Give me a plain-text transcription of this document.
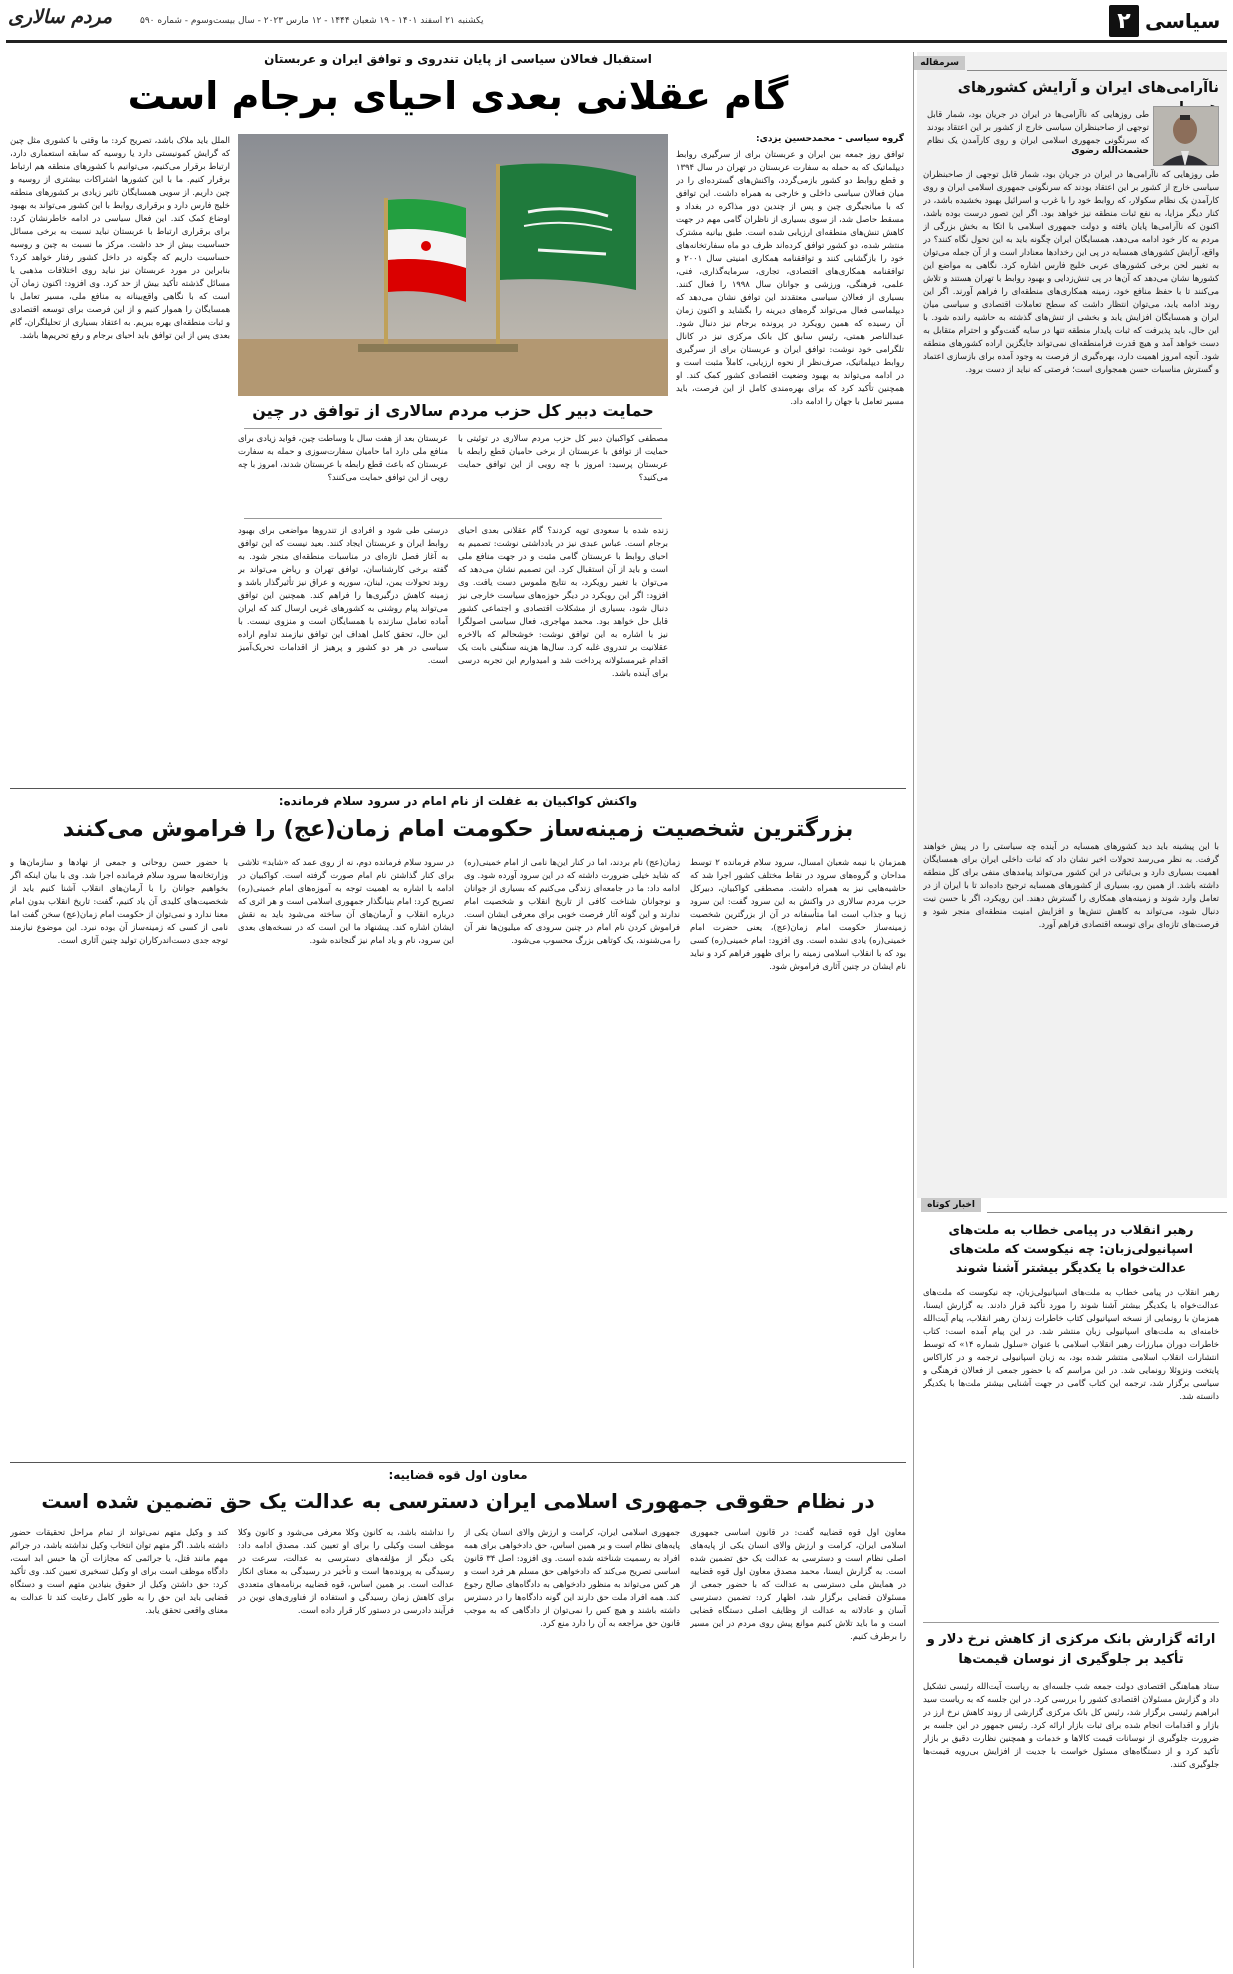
سیاسی
۲
مردم سالاری	یکشنبه ۲۱ اسفند ۱۴۰۱ - ۱۹ شعبان ۱۴۴۴ - ۱۲ مارس ۲۰۲۳ - سال بیست‌وسوم - شماره ۵۹۰
سرمقاله
ناآرامی‌های ایران و آرایش کشورهای
حشمت‌الله رضوی
طی روزهایی که ناآرامی‌ها در ایران در جریان بود، شمار قابل توجهی از صاحبنظران سیاسی خارج از کشور بر این اعتقاد بودند که سرنگونی جمهوری اسلامی ایران و روی کارآمدن یک نظام
طی روزهایی که ناآرامی‌ها در ایران در جریان بود، شمار قابل توجهی از صاحبنظران سیاسی خارج از کشور بر این اعتقاد بودند که سرنگونی جمهوری اسلامی ایران و روی کارآمدن یک نظام سکولار، که روابط خود را با غرب و اسرائیل بهبود بخشیده باشد، در کنار دیگر مزایا، به نفع ثبات منطقه نیز خواهد بود. اگر این تصور درست بوده باشد، اکنون که ناآرامی‌ها پایان یافته و دولت جمهوری اسلامی با اتکا به بخش بزرگی از مردم به کار خود ادامه می‌دهد، همسایگان ایران چگونه باید به این تحول نگاه کنند؟ در واقع، آرایش کشورهای همسایه در پی این رخدادها معنادار است و از آن جمله می‌توان به تغییر لحن برخی کشورهای عربی خلیج فارس اشاره کرد. نگاهی به مواضع این کشورها نشان می‌دهد که آن‌ها در پی تنش‌زدایی و بهبود روابط با تهران هستند و تلاش می‌کنند تا با حفظ منافع خود، زمینه همکاری‌های منطقه‌ای را فراهم آورند. اگر این روند ادامه یابد، می‌توان انتظار داشت که سطح تعاملات اقتصادی و سیاسی میان ایران و همسایگان افزایش یابد و بخشی از تنش‌های گذشته به حاشیه رانده شود. با این حال، باید پذیرفت که ثبات پایدار منطقه تنها در سایه گفت‌وگو و احترام متقابل به دست خواهد آمد و هیچ قدرت فرامنطقه‌ای نمی‌تواند جایگزین اراده کشورهای منطقه شود. آنچه امروز اهمیت دارد، بهره‌گیری از فرصت به وجود آمده برای بازسازی اعتماد و گسترش مناسبات حسن همجواری است؛ فرصتی که نباید از دست برود.
با این پیشینه باید دید کشورهای همسایه در آینده چه سیاستی را در پیش خواهند گرفت. به نظر می‌رسد تحولات اخیر نشان داد که ثبات داخلی ایران برای همسایگان اهمیت بسیاری دارد و بی‌ثباتی در این کشور می‌تواند پیامدهای منفی برای کل منطقه داشته باشد. از همین رو، بسیاری از کشورهای همسایه ترجیح داده‌اند تا با ایران از در تعامل وارد شوند و زمینه‌های همکاری را گسترش دهند. این رویکرد، اگر با حسن نیت دنبال شود، می‌تواند به کاهش تنش‌ها و افزایش امنیت منطقه‌ای منجر شود و فرصت‌های تازه‌ای برای توسعه اقتصادی فراهم آورد.
اخبار کوتاه
رهبر انقلاب در پیامی خطاب به ملت‌های اسپانیولی‌زبان: چه نیکوست که ملت‌های عدالت‌خواه با یکدیگر بیشتر آشنا شوند
رهبر انقلاب در پیامی خطاب به ملت‌های اسپانیولی‌زبان، چه نیکوست که ملت‌های عدالت‌خواه با یکدیگر بیشتر آشنا شوند را مورد تأکید قرار دادند. به گزارش ایسنا، همزمان با رونمایی از نسخه اسپانیولی کتاب خاطرات زندان رهبر انقلاب، پیام آیت‌الله خامنه‌ای به ملت‌های اسپانیولی زبان منتشر شد. در این پیام آمده است: کتاب خاطرات دوران مبارزات رهبر انقلاب اسلامی با عنوان «سلول شماره ۱۴» که توسط انتشارات انقلاب اسلامی منتشر شده بود، به زبان اسپانیولی ترجمه و در کاراکاس پایتخت ونزوئلا رونمایی شد. در این مراسم که با حضور جمعی از فعالان فرهنگی و سیاسی برگزار شد، ترجمه این کتاب گامی در جهت آشنایی بیشتر ملت‌ها با یکدیگر دانسته شد.
ارائه گزارش بانک مرکزی از کاهش نرخ دلار و تأکید بر جلوگیری از نوسان قیمت‌ها
ستاد هماهنگی اقتصادی دولت جمعه شب جلسه‌ای به ریاست آیت‌الله رئیسی تشکیل داد و گزارش مسئولان اقتصادی کشور را بررسی کرد. در این جلسه که به ریاست سید ابراهیم رئیسی برگزار شد، رئیس کل بانک مرکزی گزارشی از روند کاهش نرخ ارز در بازار و اقدامات انجام شده برای ثبات بازار ارائه کرد. رئیس جمهور در این جلسه بر ضرورت جلوگیری از نوسانات قیمت کالاها و خدمات و همچنین نظارت دقیق بر بازار تأکید کرد و از دستگاه‌های مسئول خواست با جدیت از افزایش بی‌رویه قیمت‌ها جلوگیری کنند.
استقبال فعالان سیاسی از پایان تندروی و توافق ایران و عربستان
گام عقلانی بعدی احیای برجام است
گروه سیاسی - محمدحسین یزدی:
توافق روز جمعه بین ایران و عربستان برای از سرگیری روابط دیپلماتیک که به حمله به سفارت عربستان در تهران در سال ۱۳۹۴ و قطع روابط دو کشور بازمی‌گردد، واکنش‌های گسترده‌ای را در میان فعالان سیاسی داخلی و خارجی به همراه داشت. این توافق که با میانجیگری چین و پس از چندین دور مذاکره در بغداد و مسقط حاصل شد، از سوی بسیاری از ناظران گامی مهم در جهت کاهش تنش‌های منطقه‌ای ارزیابی شده است. طبق بیانیه مشترک منتشر شده، دو کشور توافق کرده‌اند ظرف دو ماه سفارتخانه‌های خود را بازگشایی کنند و توافقنامه همکاری امنیتی سال ۲۰۰۱ و توافقنامه همکاری‌های اقتصادی، تجاری، سرمایه‌گذاری، فنی، علمی، فرهنگی، ورزشی و جوانان سال ۱۹۹۸ را فعال کنند. بسیاری از فعالان سیاسی معتقدند این توافق نشان می‌دهد که دیپلماسی فعال می‌تواند گره‌های دیرینه را بگشاید و اکنون زمان آن رسیده که همین رویکرد در پرونده برجام نیز دنبال شود. عبدالناصر همتی، رئیس سابق کل بانک مرکزی نیز در کانال تلگرامی خود نوشت: توافق ایران و عربستان برای از سرگیری روابط دیپلماتیک، صرف‌نظر از نحوه ارزیابی، کاملاً مثبت است و در ادامه می‌تواند به بهبود وضعیت اقتصادی کشور کمک کند. او همچنین تأکید کرد که برای بهره‌مندی کامل از این فرصت، باید مسیر تعامل با جهان را ادامه داد.
حمایت دبیر کل حزب مردم سالاری از توافق در چین
مصطفی کواکبیان دبیر کل حزب مردم سالاری در توئیتی با حمایت از توافق با عربستان از برخی حامیان قطع رابطه با عربستان پرسید: امروز با چه رویی از این توافق حمایت می‌کنید؟
عربستان بعد از هفت سال با وساطت چین، فواید زیادی برای منافع ملی دارد اما حامیان سفارت‌سوزی و حمله به سفارت عربستان که باعث قطع رابطه با عربستان شدند، امروز با چه رویی از این توافق حمایت می‌کنند؟
زنده شده با سعودی توپه کردند؟ گام عقلانی بعدی احیای برجام است. عباس عبدی نیز در یادداشتی نوشت: تصمیم به احیای روابط با عربستان گامی مثبت و در جهت منافع ملی است و باید از آن استقبال کرد. این تصمیم نشان می‌دهد که می‌توان با تغییر رویکرد، به نتایج ملموس دست یافت. وی افزود: اگر این رویکرد در دیگر حوزه‌های سیاست خارجی نیز دنبال شود، بسیاری از مشکلات اقتصادی و اجتماعی کشور قابل حل خواهد بود. محمد مهاجری، فعال سیاسی اصولگرا نیز با اشاره به این توافق نوشت: خوشحالم که بالاخره عقلانیت بر تندروی غلبه کرد. سال‌ها هزینه سنگینی بابت یک اقدام غیرمسئولانه پرداخت شد و امیدوارم این تجربه درسی برای آینده باشد.
درستی طی شود و افرادی از تندروها مواضعی برای بهبود روابط ایران و عربستان ایجاد کنند. بعید نیست که این توافق به آغاز فصل تازه‌ای در مناسبات منطقه‌ای منجر شود. به گفته برخی کارشناسان، توافق تهران و ریاض می‌تواند بر روند تحولات یمن، لبنان، سوریه و عراق نیز تأثیرگذار باشد و زمینه کاهش درگیری‌ها را فراهم کند. همچنین این توافق می‌تواند پیام روشنی به کشورهای غربی ارسال کند که ایران آماده تعامل سازنده با همسایگان است و منزوی نیست. با این حال، تحقق کامل اهداف این توافق نیازمند تداوم اراده سیاسی در هر دو کشور و پرهیز از اقدامات تحریک‌آمیز است.
الملل باید ملاک باشد، تصریح کرد: ما وقتی با کشوری مثل چین که گرایش کمونیستی دارد یا روسیه که سابقه استعماری دارد، ارتباط برقرار می‌کنیم، می‌توانیم با کشورهای منطقه هم ارتباط برقرار کنیم. ما با این کشورها اشتراکات بیشتری از روسیه و چین داریم. از سویی همسایگان تاثیر زیادی بر کشورهای منطقه خلیج فارس دارد و برقراری روابط با این کشور می‌تواند به بهبود اوضاع کمک کند. این فعال سیاسی در ادامه خاطرنشان کرد: برای برقراری ارتباط با عربستان نباید نسبت به برخی مسائل حساسیت بیش از حد داشت. مرکز ما نسبت به چین و روسیه حساسیت داریم که چگونه در داخل کشور رفتار خواهد کرد؟ بنابراین در مورد عربستان نیز نباید روی اختلافات مذهبی یا مسائل گذشته تأکید بیش از حد کرد. وی افزود: اکنون زمان آن است که با نگاهی واقع‌بینانه به منافع ملی، مسیر تعامل با همسایگان را هموار کنیم و از این فرصت برای توسعه اقتصادی و ثبات منطقه‌ای بهره ببریم. به اعتقاد بسیاری از تحلیلگران، گام بعدی پس از این توافق باید احیای برجام و رفع تحریم‌ها باشد.
واکنش کواکبیان به غفلت از نام امام در سرود سلام فرمانده:
بزرگترین شخصیت زمینه‌ساز حکومت امام زمان(عج) را فراموش می‌کنند
همزمان با نیمه شعبان امسال، سرود سلام فرمانده ۲ توسط مداحان و گروه‌های سرود در نقاط مختلف کشور اجرا شد که حاشیه‌هایی نیز به همراه داشت. مصطفی کواکبیان، دبیرکل حزب مردم سالاری در واکنش به این سرود گفت: این سرود زیبا و جذاب است اما متأسفانه در آن از بزرگترین شخصیت زمینه‌ساز حکومت امام زمان(عج)، یعنی حضرت امام خمینی(ره) یادی نشده است. وی افزود: امام خمینی(ره) کسی بود که با انقلاب اسلامی زمینه را برای ظهور فراهم کرد و نباید نام ایشان در چنین آثاری فراموش شود.
زمان(عج) نام بردند، اما در کنار این‌ها نامی از امام خمینی(ره) که شاید خیلی ضرورت داشته که در این سرود آورده شود. وی ادامه داد: ما در جامعه‌ای زندگی می‌کنیم که بسیاری از جوانان و نوجوانان شناخت کافی از تاریخ انقلاب و شخصیت امام ندارند و این گونه آثار فرصت خوبی برای معرفی ایشان است. فراموش کردن نام امام در چنین سرودی که میلیون‌ها نفر آن را می‌شنوند، یک کوتاهی بزرگ محسوب می‌شود.
در سرود سلام فرمانده دوم، نه از روی عمد که «شاید» تلاشی برای کنار گذاشتن نام امام صورت گرفته است. کواکبیان در ادامه با اشاره به اهمیت توجه به آموزه‌های امام خمینی(ره) تصریح کرد: امام بنیانگذار جمهوری اسلامی است و هر اثری که درباره انقلاب و آرمان‌های آن ساخته می‌شود باید به نقش ایشان اشاره کند. پیشنهاد ما این است که در نسخه‌های بعدی این سرود، نام و یاد امام نیز گنجانده شود.
با حضور حسن روحانی و جمعی از نهادها و سازمان‌ها و وزارتخانه‌ها سرود سلام فرمانده اجرا شد. وی با بیان اینکه اگر بخواهیم جوانان را با آرمان‌های انقلاب آشنا کنیم باید از شخصیت‌های کلیدی آن یاد کنیم، گفت: تاریخ انقلاب بدون امام معنا ندارد و نمی‌توان از حکومت امام زمان(عج) سخن گفت اما نامی از کسی که زمینه‌ساز آن بوده نبرد. این موضوع نیازمند توجه جدی دست‌اندرکاران تولید چنین آثاری است.
معاون اول قوه قضاییه:
در نظام حقوقی جمهوری اسلامی ایران دسترسی به عدالت یک حق تضمین شده است
معاون اول قوه قضاییه گفت: در قانون اساسی جمهوری اسلامی ایران، کرامت و ارزش والای انسان یکی از پایه‌های اصلی نظام است و دسترسی به عدالت یک حق تضمین شده است. به گزارش ایسنا، محمد مصدق معاون اول قوه قضاییه در همایش ملی دسترسی به عدالت که با حضور جمعی از مسئولان قضایی برگزار شد، اظهار کرد: تضمین دسترسی آسان و عادلانه به عدالت از وظایف اصلی دستگاه قضایی است و ما باید تلاش کنیم موانع پیش روی مردم در این مسیر را برطرف کنیم.
جمهوری اسلامی ایران، کرامت و ارزش والای انسان یکی از پایه‌های نظام است و بر همین اساس، حق دادخواهی برای همه افراد به رسمیت شناخته شده است. وی افزود: اصل ۳۴ قانون اساسی تصریح می‌کند که دادخواهی حق مسلم هر فرد است و هر کس می‌تواند به منظور دادخواهی به دادگاه‌های صالح رجوع کند. همه افراد ملت حق دارند این گونه دادگاه‌ها را در دسترس داشته باشند و هیچ کس را نمی‌توان از دادگاهی که به موجب قانون حق مراجعه به آن را دارد منع کرد.
را نداشته باشد، به کانون وکلا معرفی می‌شود و کانون وکلا موظف است وکیلی را برای او تعیین کند. مصدق ادامه داد: یکی دیگر از مؤلفه‌های دسترسی به عدالت، سرعت در رسیدگی به پرونده‌ها است و تأخیر در رسیدگی به معنای انکار عدالت است. بر همین اساس، قوه قضاییه برنامه‌های متعددی برای کاهش زمان رسیدگی و استفاده از فناوری‌های نوین در فرآیند دادرسی در دستور کار قرار داده است.
کند و وکیل متهم نمی‌تواند از تمام مراحل تحقیقات حضور داشته باشد. اگر متهم توان انتخاب وکیل نداشته باشد، در جرائم مهم مانند قتل، یا جرائمی که مجازات آن ها حبس ابد است، دادگاه موظف است برای او وکیل تسخیری تعیین کند. وی تأکید کرد: حق داشتن وکیل از حقوق بنیادین متهم است و دستگاه قضایی باید این حق را به طور کامل رعایت کند تا عدالت به معنای واقعی تحقق یابد.
